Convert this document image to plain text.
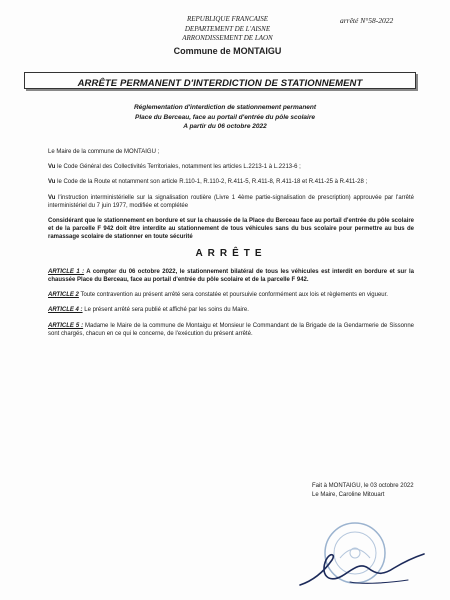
REPUBLIQUE FRANCAISE
DEPARTEMENT DE L'AISNE
ARRONDISSEMENT DE LAON
Commune de MONTAIGU
arrêté N°58-2022
ARRÊTE PERMANENT D'INTERDICTION DE STATIONNEMENT
Réglementation d'interdiction de stationnement permanent
Place du Berceau, face au portail d'entrée du pôle scolaire
A partir du 06 octobre 2022
Le Maire de la commune de MONTAIGU ;
Vu le Code Général des Collectivités Territoriales, notamment les articles L.2213-1 à L.2213-6 ;
Vu le Code de la Route et notamment son article R.110-1, R.110-2, R.411-5, R.411-8, R.411-18 et R.411-25 à R.411-28 ;
Vu l'instruction interministérielle sur la signalisation routière (Livre 1 4ème partie-signalisation de prescription) approuvée par l'arrêté interministériel du 7 juin 1977, modifiée et complétée
Considérant que le stationnement en bordure et sur la chaussée de la Place du Berceau face au portail d'entrée du pôle scolaire et de la parcelle F 942 doit être interdite au stationnement de tous véhicules sans du bus scolaire pour permettre au bus de ramassage scolaire de stationner en toute sécurité
ARRÊTE
ARTICLE 1 : A compter du 06 octobre 2022, le stationnement bilatéral de tous les véhicules est interdit en bordure et sur la chaussée Place du Berceau, face au portail d'entrée du pôle scolaire et de la parcelle F 942.
ARTICLE 2 Toute contravention au présent arrêté sera constatée et poursuivie conformément aux lois et règlements en vigueur.
ARTICLE 4 : Le présent arrêté sera publié et affiché par les soins du Maire.
ARTICLE 5 : Madame le Maire de la commune de Montaigu et Monsieur le Commandant de la Brigade de la Gendarmerie de Sissonne sont chargés, chacun en ce qui le concerne, de l'exécution du présent arrêté.
Fait à MONTAIGU, le 03 octobre 2022
Le Maire, Caroline Mitouart
